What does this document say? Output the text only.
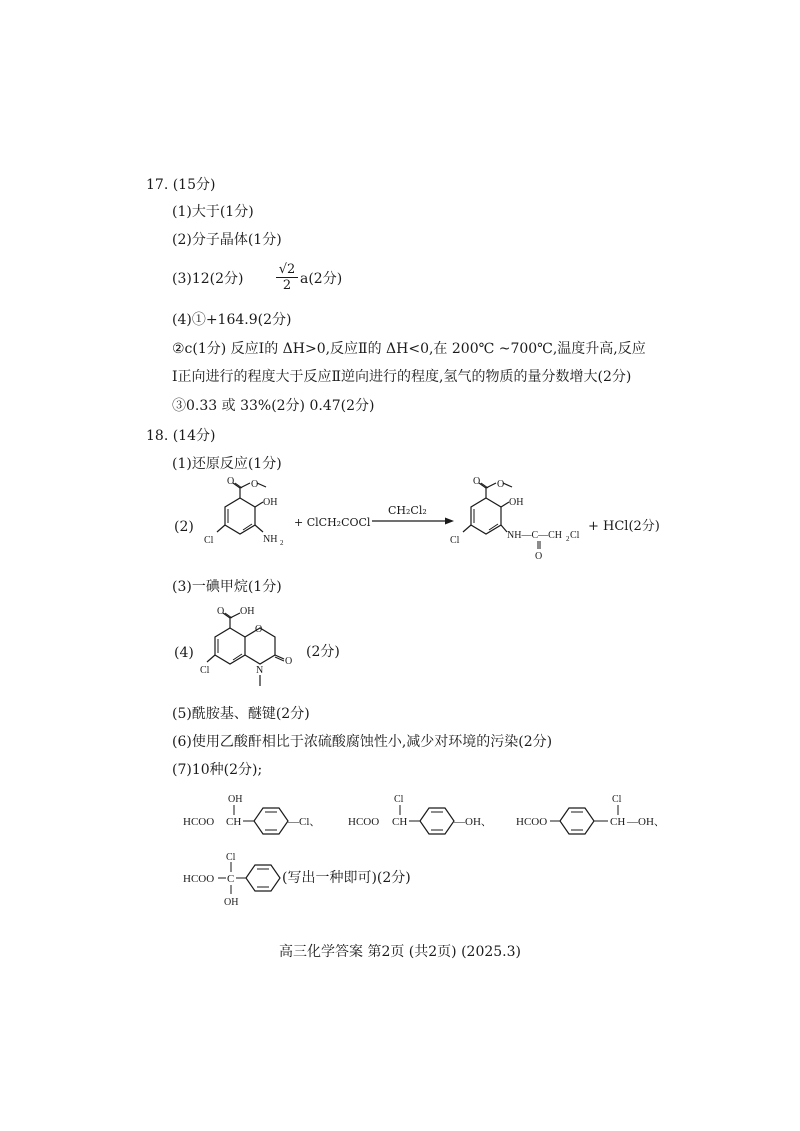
17. (15分)
(1)大于(1分)
(2)分子晶体(1分)
(3)12(2分)	$\frac{√2}{2} a(2$分)
(4)①+164.9(2分)
②c(1分) 反应Ⅰ的 ΔH>0,反应Ⅱ的 ΔH<0,在 200℃ ~700℃,温度升高,反应
Ⅰ正向进行的程度大于反应Ⅱ逆向进行的程度,氢气的物质的量分数增大(2分)
③0.33 或 33%(2分) 0.47(2分)
18. (14分)
(1)还原反应(1分)
(2)
O O
OH
NH 2
Cl
+ ClCH₂COCl
CH₂Cl₂
O O
OH
NH—C—CH 2 Cl
O
Cl
+ HCl(2分)
(3)一碘甲烷(1分)
(4)
O OH
O
O
N
Cl
(2分)
(5)酰胺基、醚键(2分)
(6)使用乙酸酐相比于浓硫酸腐蚀性小,减少对环境的污染(2分)
(7)10种(2分);
HCOO CH
OH
—Cl、	HCOO CH
Cl
—OH、 HCOO	CH
Cl
—OH、
HCOO C
Cl
OH
(写出一种即可)(2分)
高三化学答案 第2页 (共2页) (2025.3)
